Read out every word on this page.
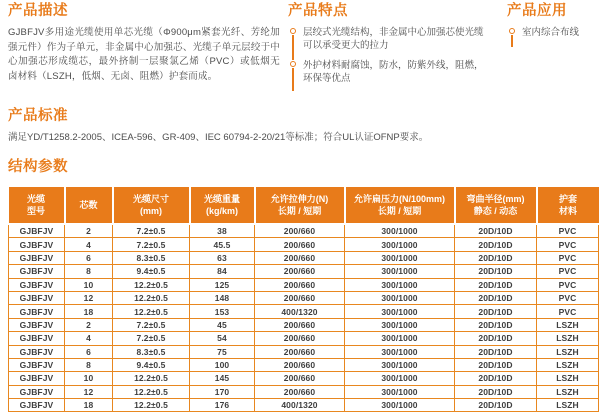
产品描述
GJBFJV多用途光缆使用单芯光缆（Φ900μm紧套光纤、芳纶加强元件）作为子单元，非金属中心加强芯、光缆子单元层绞于中心加强芯形成缆芯，最外挤制一层聚氯乙烯（PVC）或低烟无卤材料（LSZH，低烟、无卤、阻燃）护套而成。
产品特点
层绞式光缆结构，非金属中心加强芯使光缆可以承受更大的拉力
外护材料耐腐蚀，防水，防紫外线，阻燃，环保等优点
产品应用
室内综合布线
产品标准
满足YD/T1258.2-2005、ICEA-596、GR-409、IEC 60794-2-20/21等标准；符合UL认证OFNP要求。
结构参数
光缆
型号

芯数

光缆尺寸
(mm)

光缆重量
(kg/km)

允许拉伸力(N)
长期 / 短期

允许扁压力(N/100mm)
长期 / 短期

弯曲半径(mm)
静态 / 动态

护套
材料

GJBFJV	2	7.2±0.5	38	200/660	300/1000	20D/10D	PVC
GJBFJV	4	7.2±0.5	45.5	200/660	300/1000	20D/10D	PVC
GJBFJV	6	8.3±0.5	63	200/660	300/1000	20D/10D	PVC
GJBFJV	8	9.4±0.5	84	200/660	300/1000	20D/10D	PVC
GJBFJV	10	12.2±0.5	125	200/660	300/1000	20D/10D	PVC
GJBFJV	12	12.2±0.5	148	200/660	300/1000	20D/10D	PVC
GJBFJV	18	12.2±0.5	153	400/1320	300/1000	20D/10D	PVC
GJBFJV	2	7.2±0.5	45	200/660	300/1000	20D/10D	LSZH
GJBFJV	4	7.2±0.5	54	200/660	300/1000	20D/10D	LSZH
GJBFJV	6	8.3±0.5	75	200/660	300/1000	20D/10D	LSZH
GJBFJV	8	9.4±0.5	100	200/660	300/1000	20D/10D	LSZH
GJBFJV	10	12.2±0.5	145	200/660	300/1000	20D/10D	LSZH
GJBFJV	12	12.2±0.5	170	200/660	300/1000	20D/10D	LSZH
GJBFJV	18	12.2±0.5	176	400/1320	300/1000	20D/10D	LSZH
